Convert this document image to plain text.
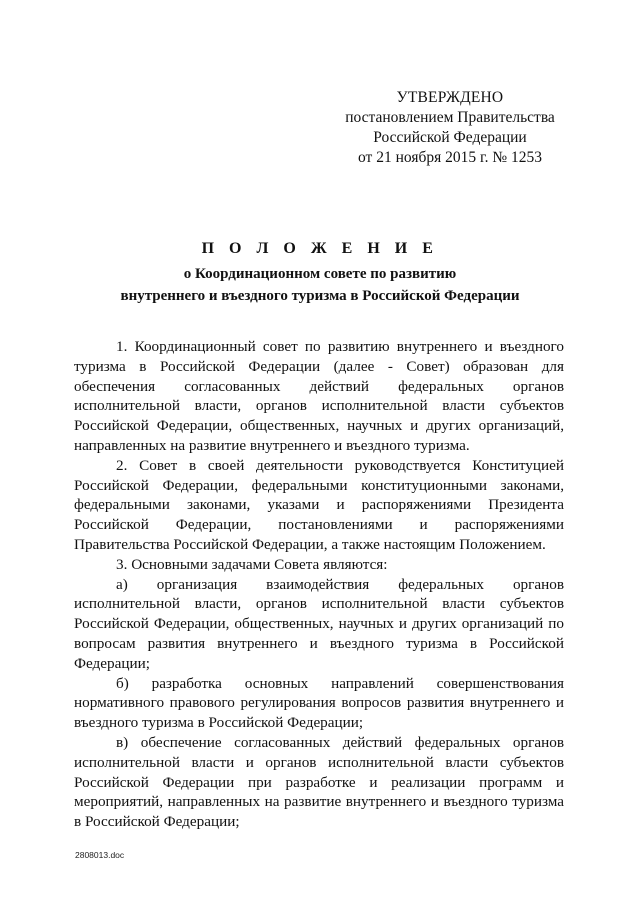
УТВЕРЖДЕНО
постановлением Правительства
Российской Федерации
от 21 ноября 2015 г. № 1253
П О Л О Ж Е Н И Е
о Координационном совете по развитию
внутреннего и въездного туризма в Российской Федерации

1. Координационный совет по развитию внутреннего и въездного туризма в Российской Федерации (далее - Совет) образован для обеспечения согласованных действий федеральных органов исполнительной власти, органов исполнительной власти субъектов Российской Федерации, общественных, научных и других организаций, направленных на развитие внутреннего и въездного туризма.

2. Совет в своей деятельности руководствуется Конституцией Российской Федерации, федеральными конституционными законами, федеральными законами, указами и распоряжениями Президента Российской Федерации, постановлениями и распоряжениями Правительства Российской Федерации, а также настоящим Положением.

3. Основными задачами Совета являются:

а) организация взаимодействия федеральных органов исполнительной власти, органов исполнительной власти субъектов Российской Федерации, общественных, научных и других организаций по вопросам развития внутреннего и въездного туризма в Российской Федерации;

б) разработка основных направлений совершенствования нормативного правового регулирования вопросов развития внутреннего и въездного туризма в Российской Федерации;

в) обеспечение согласованных действий федеральных органов исполнительной власти и органов исполнительной власти субъектов Российской Федерации при разработке и реализации программ и мероприятий, направленных на развитие внутреннего и въездного туризма в Российской Федерации;

2808013.doc
